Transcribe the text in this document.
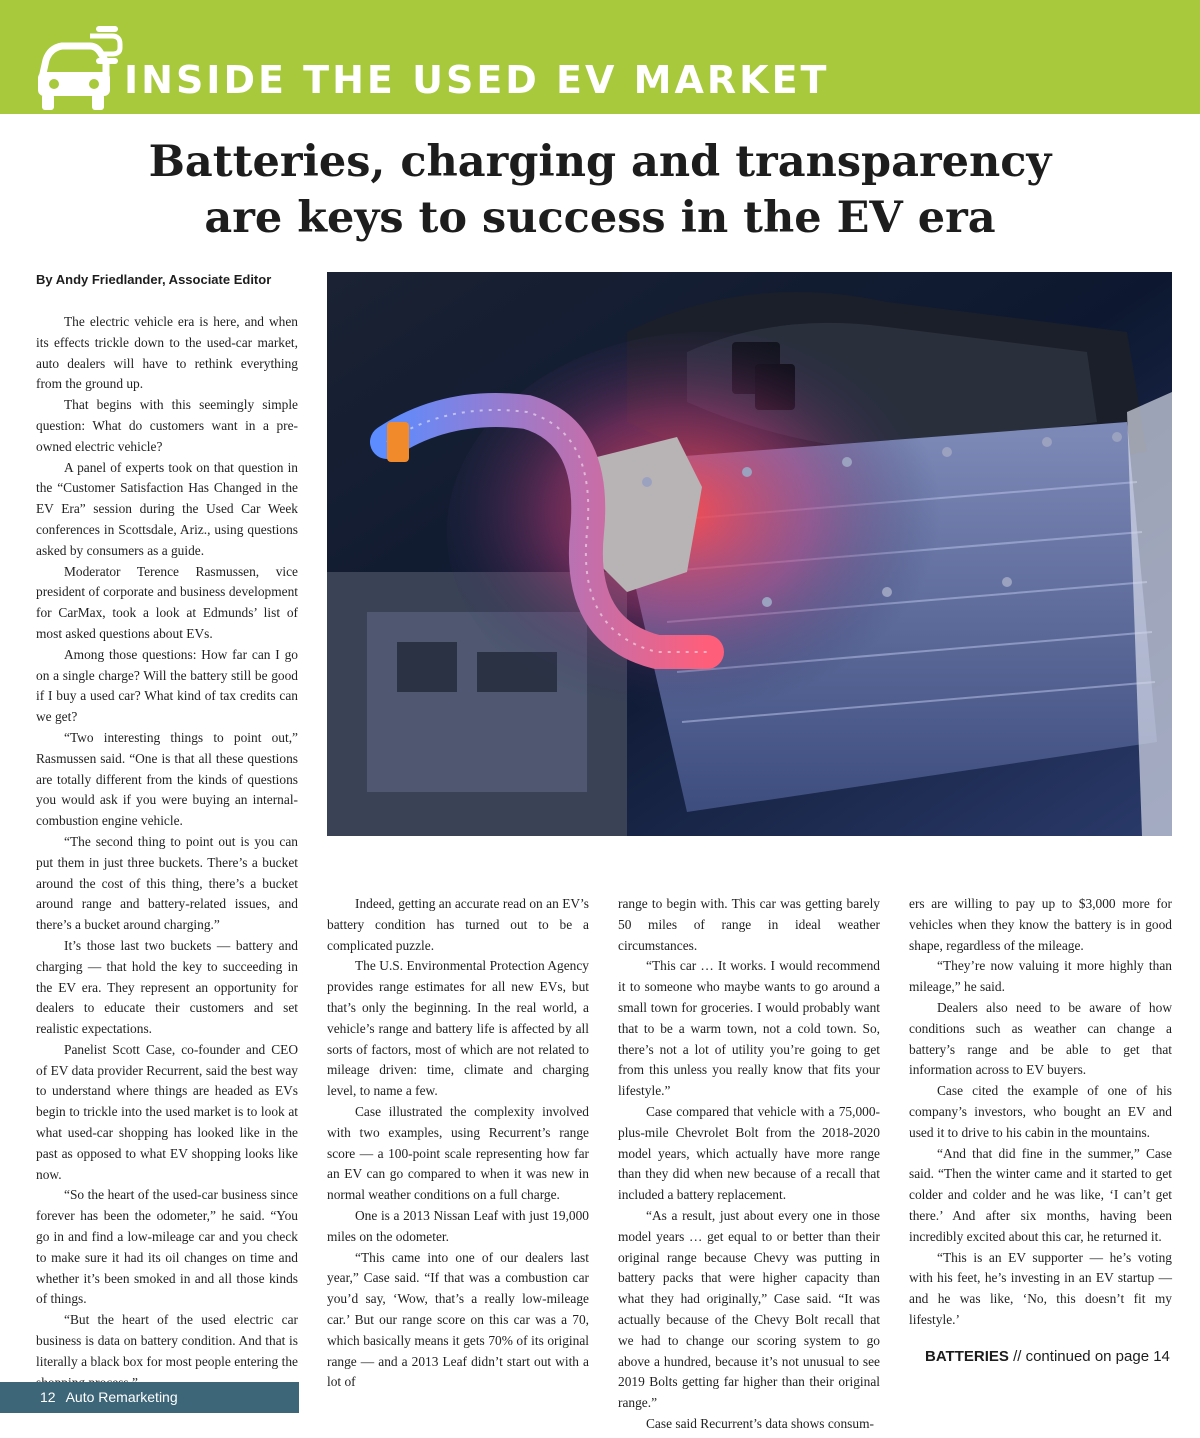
INSIDE THE USED EV MARKET
Batteries, charging and transparency
are keys to success in the EV era
By Andy Friedlander, Associate Editor

The electric vehicle era is here, and when its effects trickle down to the used-car market, auto dealers will have to rethink everything from the ground up.

That begins with this seemingly simple question: What do customers want in a pre-owned electric vehicle?

A panel of experts took on that question in the “Customer Satisfaction Has Changed in the EV Era” session during the Used Car Week conferences in Scottsdale, Ariz., using questions asked by consumers as a guide.

Moderator Terence Rasmussen, vice president of corporate and business development for CarMax, took a look at Edmunds’ list of most asked questions about EVs.

Among those questions: How far can I go on a single charge? Will the battery still be good if I buy a used car? What kind of tax credits can we get?

“Two interesting things to point out,” Rasmussen said. “One is that all these questions are totally different from the kinds of questions you would ask if you were buying an internal-combustion engine vehicle.

“The second thing to point out is you can put them in just three buckets. There’s a bucket around the cost of this thing, there’s a bucket around range and battery-related issues, and there’s a bucket around charging.”

It’s those last two buckets — battery and charging — that hold the key to succeeding in the EV era. They represent an opportunity for dealers to educate their customers and set realistic expectations.

Panelist Scott Case, co-founder and CEO of EV data provider Recurrent, said the best way to understand where things are headed as EVs begin to trickle into the used market is to look at what used-car shopping has looked like in the past as opposed to what EV shopping looks like now.

“So the heart of the used-car business since forever has been the odometer,” he said. “You go in and find a low-mileage car and you check to make sure it had its oil changes on time and whether it’s been smoked in and all those kinds of things.

“But the heart of the used electric car business is data on battery condition. And that is literally a black box for most people entering the

Indeed, getting an accurate read on an EV’s battery condition has turned out to be a complicated puzzle.

The U.S. Environmental Protection Agency provides range estimates for all new EVs, but that’s only the beginning. In the real world, a vehicle’s range and battery life is affected by all sorts of factors, most of which are not related to mileage driven: time, climate and charging level, to name a few.

Case illustrated the complexity involved with two examples, using Recurrent’s range score — a 100-point scale representing how far an EV can go compared to when it was new in normal weather conditions on a full charge.

One is a 2013 Nissan Leaf with just 19,000 miles on the odometer.

“This came into one of our dealers last year,” Case said. “If that was a combustion car you’d say, ‘Wow, that’s a really low-mileage car.’ But our range score on this car was a 70, which basically means it gets 70% of its original range — and a 2013 Leaf didn’t start out with a lot of

range to begin with. This car was getting barely 50 miles of range in ideal weather circumstances.

“This car … It works. I would recommend it to someone who maybe wants to go around a small town for groceries. I would probably want that to be a warm town, not a cold town. So, there’s not a lot of utility you’re going to get from this unless you really know that fits your lifestyle.”

Case compared that vehicle with a 75,000-plus-mile Chevrolet Bolt from the 2018-2020 model years, which actually have more range than they did when new because of a recall that included a battery replacement.

“As a result, just about every one in those model years … get equal to or better than their original range because Chevy was putting in battery packs that were higher capacity than what they had originally,” Case said. “It was actually because of the Chevy Bolt recall that we had to change our scoring system to go above a hundred, because it’s not unusual to see 2019 Bolts getting far higher than their original range.”

Case said Recurrent’s data shows consum-

ers are willing to pay up to $3,000 more for vehicles when they know the battery is in good shape, regardless of the mileage.

“They’re now valuing it more highly than mileage,” he said.

Dealers also need to be aware of how conditions such as weather can change a battery’s range and be able to get that information across to EV buyers.

Case cited the example of one of his company’s investors, who bought an EV and used it to drive to his cabin in the mountains.

“And that did fine in the summer,” Case said. “Then the winter came and it started to get colder and colder and he was like, ‘I can’t get there.’ And after six months, having been incredibly excited about this car, he returned it.

“This is an EV supporter — he’s voting with his feet, he’s investing in an EV startup — and he was like, ‘No, this doesn’t fit my lifestyle.’

BATTERIES // continued on page 14
12 Auto Remarketing
